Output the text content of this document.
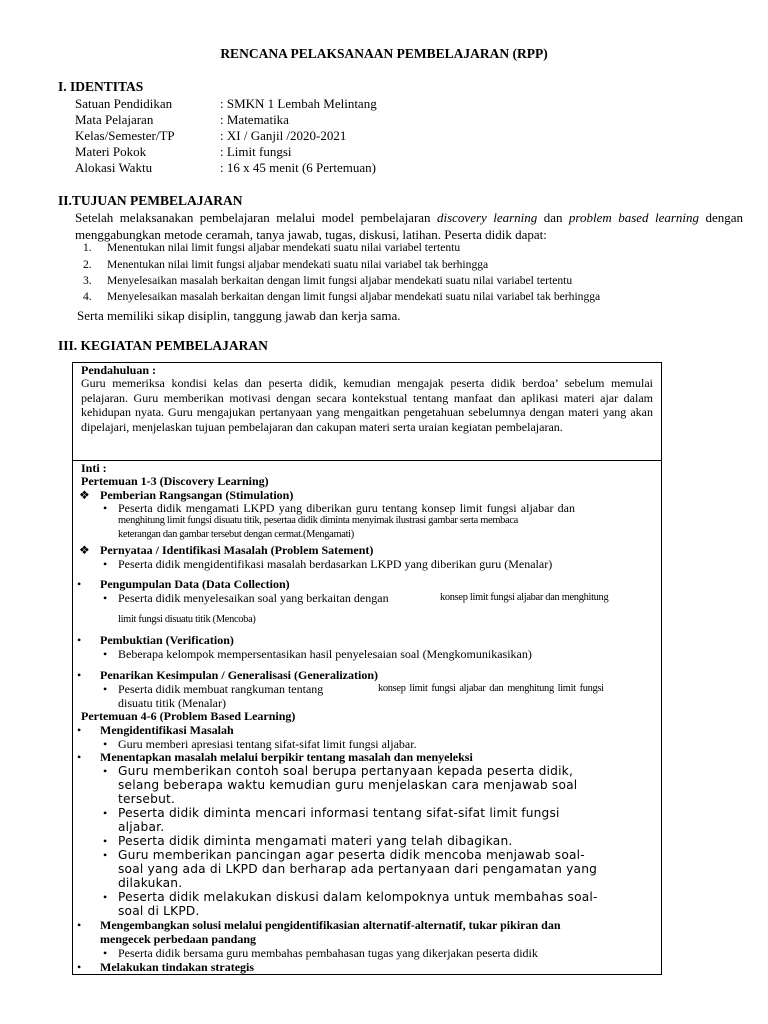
RENCANA PELAKSANAAN PEMBELAJARAN (RPP)
I. IDENTITAS
Satuan Pendidikan	: SMKN 1 Lembah Melintang
Mata Pelajaran	: Matematika
Kelas/Semester/TP	: XI / Ganjil /2020-2021
Materi Pokok	: Limit fungsi
Alokasi Waktu	: 16 x 45 menit (6 Pertemuan)
II.TUJUAN PEMBELAJARAN
Setelah melaksanakan pembelajaran melalui model pembelajaran discovery learning dan problem based learning dengan menggabungkan metode ceramah, tanya jawab, tugas, diskusi, latihan. Peserta didik dapat:
1. Menentukan nilai limit fungsi aljabar mendekati suatu nilai variabel tertentu
2. Menentukan nilai limit fungsi aljabar mendekati suatu nilai variabel tak berhingga
3. Menyelesaikan masalah berkaitan dengan limit fungsi aljabar mendekati suatu nilai variabel tertentu
4. Menyelesaikan masalah berkaitan dengan limit fungsi aljabar mendekati suatu nilai variabel tak berhingga
Serta memiliki sikap disiplin, tanggung jawab dan kerja sama.
III. KEGIATAN PEMBELAJARAN
Pendahuluan :
Guru memeriksa kondisi kelas dan peserta didik, kemudian mengajak peserta didik berdoa’ sebelum memulai pelajaran. Guru memberikan motivasi dengan secara kontekstual tentang manfaat dan aplikasi materi ajar dalam kehidupan nyata. Guru mengajukan pertanyaan yang mengaitkan pengetahuan sebelumnya dengan materi yang akan dipelajari, menjelaskan tujuan pembelajaran dan cakupan materi serta uraian kegiatan pembelajaran.
Inti :
Pertemuan 1-3 (Discovery Learning)
❖ Pemberian Rangsangan (Stimulation)
• Peserta didik mengamati LKPD yang diberikan guru tentang konsep limit fungsi aljabar dan
menghitung limit fungsi disuatu titik, pesertaa didik diminta menyimak ilustrasi gambar serta membaca
keterangan dan gambar tersebut dengan cermat.(Mengamati)
❖ Pernyataa / Identifikasi Masalah (Problem Satement)
• Peserta didik mengidentifikasi masalah berdasarkan LKPD yang diberikan guru (Menalar)
• Pengumpulan Data (Data Collection)
• Peserta didik menyelesaikan soal yang berkaitan dengan	konsep limit fungsi aljabar dan menghitung
limit fungsi disuatu titik (Mencoba)
• Pembuktian (Verification)
• Beberapa kelompok mempersentasikan hasil penyelesaian soal (Mengkomunikasikan)
• Penarikan Kesimpulan / Generalisasi (Generalization)
• Peserta didik membuat rangkuman tentang	konsep limit fungsi aljabar dan menghitung limit fungsi
disuatu titik (Menalar)
Pertemuan 4-6 (Problem Based Learning)
• Mengidentifikasi Masalah
• Guru memberi apresiasi tentang sifat-sifat limit fungsi aljabar.
• Menentapkan masalah melalui berpikir tentang masalah dan menyeleksi
• Guru memberikan contoh soal berupa pertanyaan kepada peserta didik,
selang beberapa waktu kemudian guru menjelaskan cara menjawab soal
tersebut.
• Peserta didik diminta mencari informasi tentang sifat-sifat limit fungsi
aljabar.
• Peserta didik diminta mengamati materi yang telah dibagikan.
• Guru memberikan pancingan agar peserta didik mencoba menjawab soal-
soal yang ada di LKPD dan berharap ada pertanyaan dari pengamatan yang
dilakukan.
• Peserta didik melakukan diskusi dalam kelompoknya untuk membahas soal-
soal di LKPD.
• Mengembangkan solusi melalui pengidentifikasian alternatif-alternatif, tukar pikiran dan
mengecek perbedaan pandang
• Peserta didik bersama guru membahas pembahasan tugas yang dikerjakan peserta didik
• Melakukan tindakan strategis
